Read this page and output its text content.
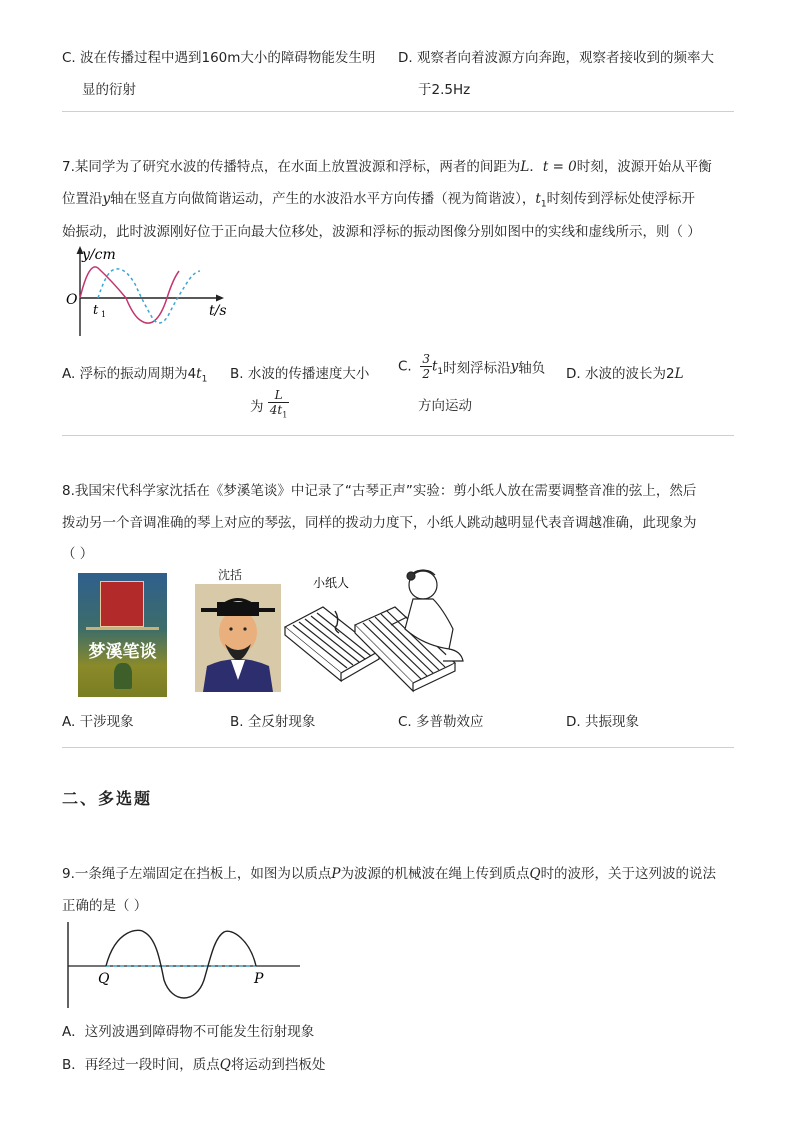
C. 波在传播过程中遇到160m大小的障碍物能发生明
显的衍射
D. 观察者向着波源方向奔跑，观察者接收到的频率大
于2.5Hz
7.某同学为了研究水波的传播特点，在水面上放置波源和浮标，两者的间距为L．t = 0时刻，波源开始从平衡
位置沿y轴在竖直方向做简谐运动，产生的水波沿水平方向传播（视为简谐波），$t_1$时刻传到浮标处使浮标开
始振动，此时波源刚好位于正向最大位移处，波源和浮标的振动图像分别如图中的实线和虚线所示，则（ ）
y/cm
O
t 1	t/s
A. 浮标的振动周期为$4t_1$ B. 水波的传播速度大小
为 $\frac{L}{4t_1}$
C. $\frac{3}{2} t_1$时刻浮标沿y轴负
方向运动
D. 水波的波长为2L
8.我国宋代科学家沈括在《梦溪笔谈》中记录了“古琴正声”实验：剪小纸人放在需要调整音准的弦上，然后
拨动另一个音调准确的琴上对应的琴弦，同样的拨动力度下，小纸人跳动越明显代表音调越准确，此现象为
（ ）
梦溪笔谈
沈括
小纸人
A. 干涉现象	B. 全反射现象	C. 多普勒效应	D. 共振现象
二、多选题
9.一条绳子左端固定在挡板上，如图为以质点P为波源的机械波在绳上传到质点Q时的波形，关于这列波的说法
正确的是（ ）
Q	P
A．这列波遇到障碍物不可能发生衍射现象
B．再经过一段时间，质点Q将运动到挡板处
